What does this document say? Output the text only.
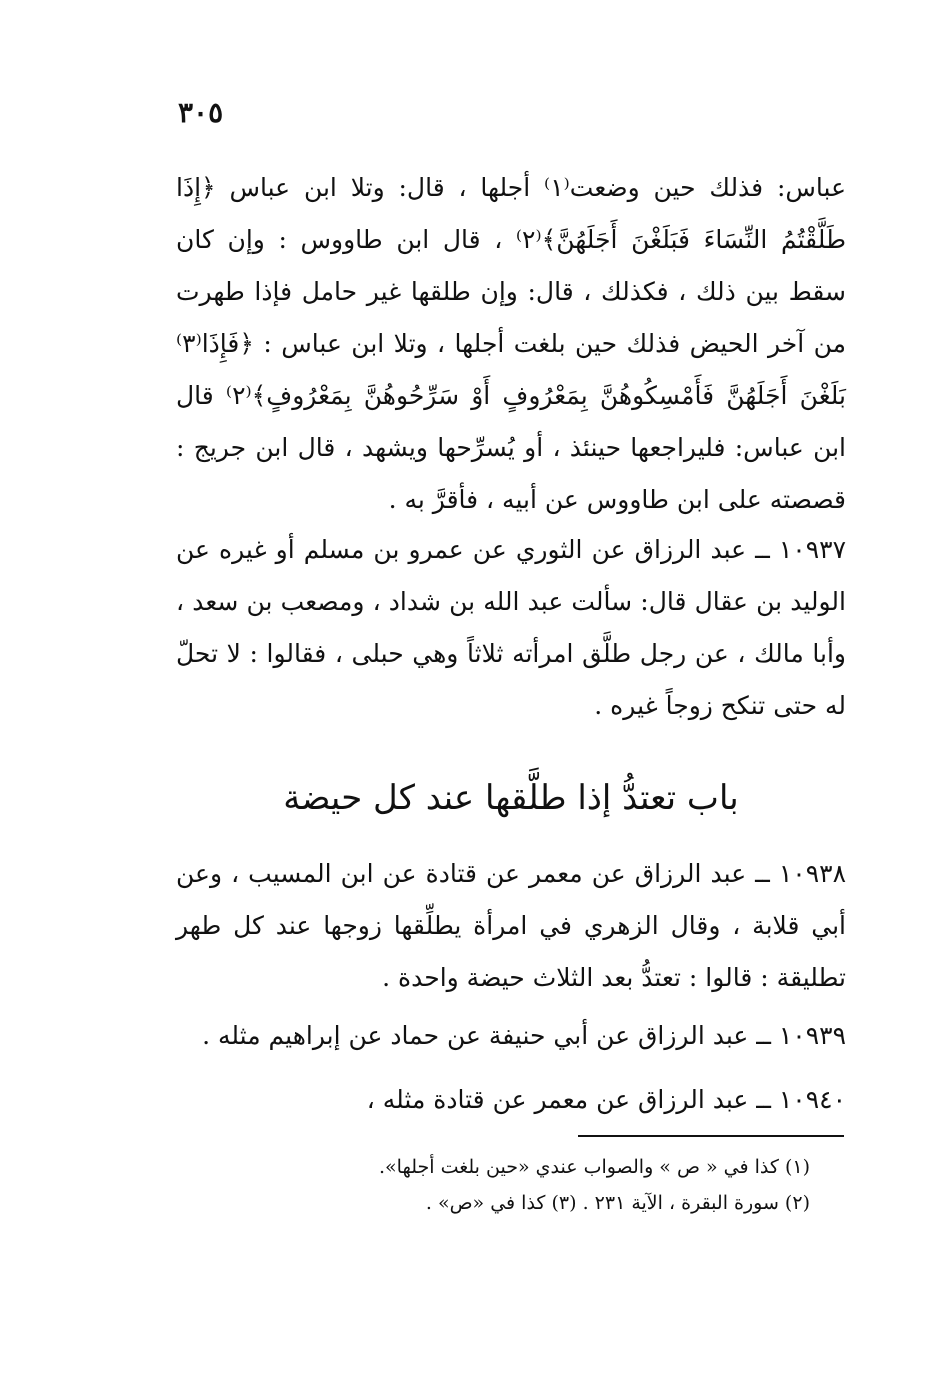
٣٠٥

عباس: فذلك حين وضعت⁽١⁾ أجلها ، قال: وتلا ابن عباس ﴿إِذَا طَلَّقْتُمُ النِّسَاءَ فَبَلَغْنَ أَجَلَهُنَّ﴾⁽٢⁾ ، قال ابن طاووس : وإن كان سقط بين ذلك ، فكذلك ، قال: وإن طلقها غير حامل فإذا طهرت من آخر الحيض فذلك حين بلغت أجلها ، وتلا ابن عباس : ﴿فَإِذَا⁽٣⁾ بَلَغْنَ أَجَلَهُنَّ فَأَمْسِكُوهُنَّ بِمَعْرُوفٍ أَوْ سَرِّحُوهُنَّ بِمَعْرُوفٍ﴾⁽٢⁾ قال ابن عباس: فليراجعها حينئذ ، أو يُسرِّحها ويشهد ، قال ابن جريج : قصصته على ابن طاووس عن أبيه ، فأقرَّ به .

١٠٩٣٧ ــ عبد الرزاق عن الثوري عن عمرو بن مسلم أو غيره عن الوليد بن عقال قال: سألت عبد الله بن شداد ، ومصعب بن سعد ، وأبا مالك ، عن رجل طلَّق امرأته ثلاثاً وهي حبلى ، فقالوا : لا تحلّ له حتى تنكح زوجاً غيره .

باب تعتدُّ إذا طلَّقها عند كل حيضة

١٠٩٣٨ ــ عبد الرزاق عن معمر عن قتادة عن ابن المسيب ، وعن أبي قلابة ، وقال الزهري في امرأة يطلِّقها زوجها عند كل طهر تطليقة : قالوا : تعتدُّ بعد الثلاث حيضة واحدة .

١٠٩٣٩ ــ عبد الرزاق عن أبي حنيفة عن حماد عن إبراهيم مثله .

١٠٩٤٠ ــ عبد الرزاق عن معمر عن قتادة مثله ،

(١) كذا في « ص » والصواب عندي «حين بلغت أجلها».

(٢) سورة البقرة ، الآية ٢٣١ . (٣) كذا في «ص» .
